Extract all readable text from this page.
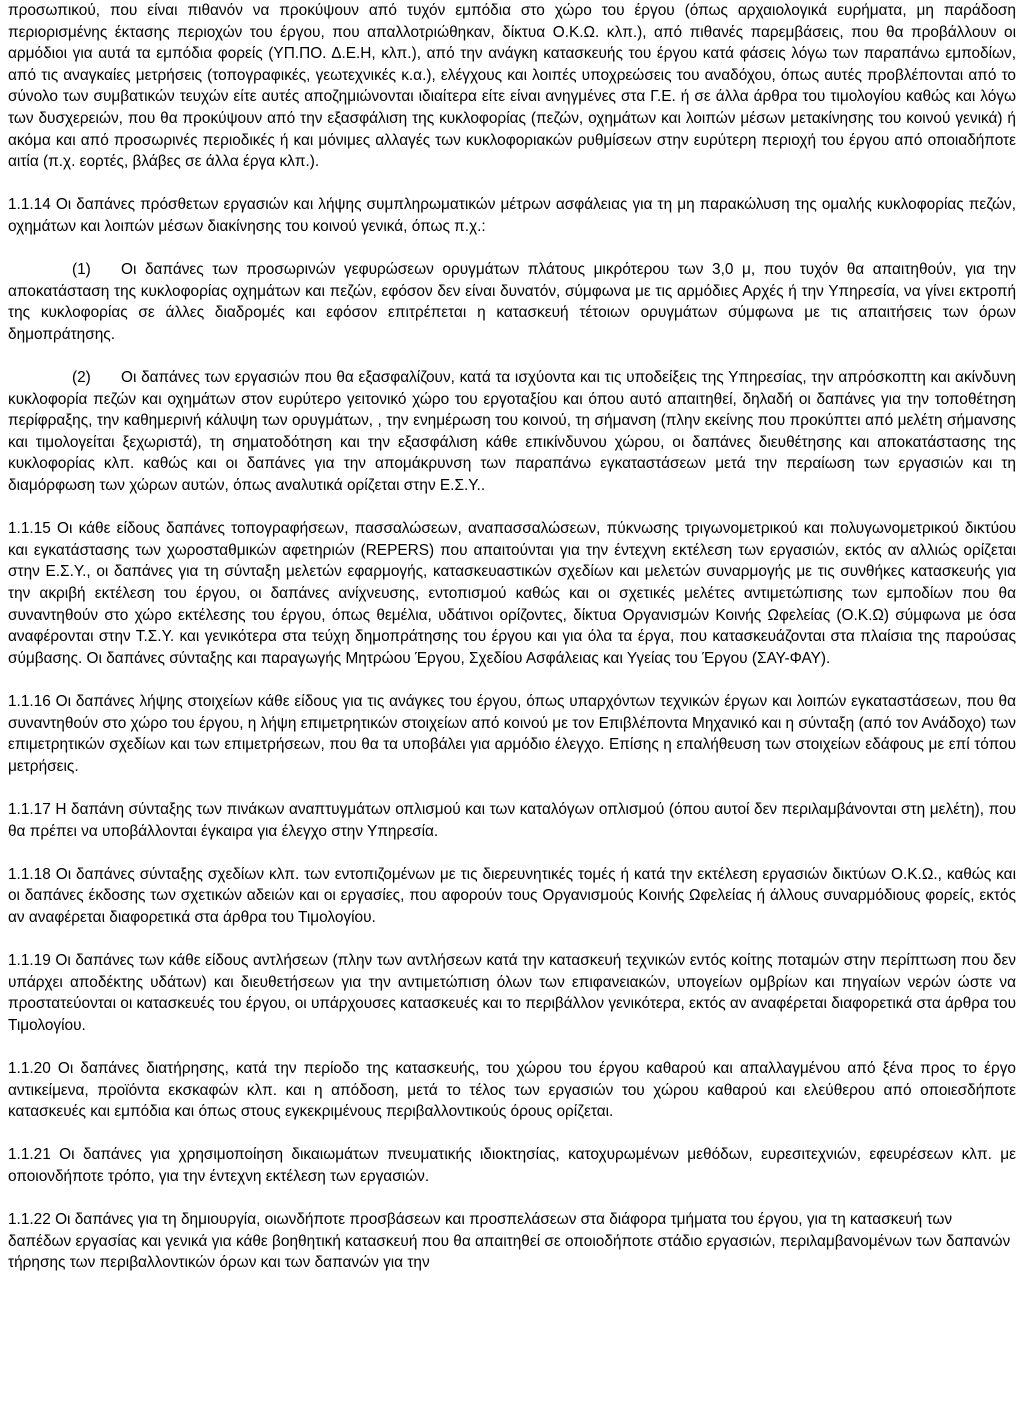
προσωπικού, που είναι πιθανόν να προκύψουν από τυχόν εμπόδια στο χώρο του έργου (όπως αρχαιολογικά ευρήματα, μη παράδοση περιορισμένης έκτασης περιοχών του έργου, που απαλλοτριώθηκαν, δίκτυα Ο.Κ.Ω. κλπ.), από πιθανές παρεμβάσεις, που θα προβάλλουν οι αρμόδιοι για αυτά τα εμπόδια φορείς (ΥΠ.ΠΟ. Δ.Ε.Η, κλπ.), από την ανάγκη κατασκευής του έργου κατά φάσεις λόγω των παραπάνω εμποδίων, από τις αναγκαίες μετρήσεις (τοπογραφικές, γεωτεχνικές κ.α.), ελέγχους και λοιπές υποχρεώσεις του αναδόχου, όπως αυτές προβλέπονται από το σύνολο των συμβατικών τευχών είτε αυτές αποζημιώνονται ιδιαίτερα είτε είναι ανηγμένες στα Γ.Ε. ή σε άλλα άρθρα του τιμολογίου καθώς και λόγω των δυσχερειών, που θα προκύψουν από την εξασφάλιση της κυκλοφορίας (πεζών, οχημάτων και λοιπών μέσων μετακίνησης του κοινού γενικά) ή ακόμα και από προσωρινές περιοδικές ή και μόνιμες αλλαγές των κυκλοφοριακών ρυθμίσεων στην ευρύτερη περιοχή του έργου από οποιαδήποτε αιτία (π.χ. εορτές, βλάβες σε άλλα έργα κλπ.).

1.1.14 Οι δαπάνες πρόσθετων εργασιών και λήψης συμπληρωματικών μέτρων ασφάλειας για τη μη παρακώλυση της ομαλής κυκλοφορίας πεζών, οχημάτων και λοιπών μέσων διακίνησης του κοινού γενικά, όπως π.χ.:

(1) Οι δαπάνες των προσωρινών γεφυρώσεων ορυγμάτων πλάτους μικρότερου των 3,0 μ, που τυχόν θα απαιτηθούν, για την αποκατάσταση της κυκλοφορίας οχημάτων και πεζών, εφόσον δεν είναι δυνατόν, σύμφωνα με τις αρμόδιες Αρχές ή την Υπηρεσία, να γίνει εκτροπή της κυκλοφορίας σε άλλες διαδρομές και εφόσον επιτρέπεται η κατασκευή τέτοιων ορυγμάτων σύμφωνα με τις απαιτήσεις των όρων δημοπράτησης.

(2) Οι δαπάνες των εργασιών που θα εξασφαλίζουν, κατά τα ισχύοντα και τις υποδείξεις της Υπηρεσίας, την απρόσκοπτη και ακίνδυνη κυκλοφορία πεζών και οχημάτων στον ευρύτερο γειτονικό χώρο του εργοταξίου και όπου αυτό απαιτηθεί, δηλαδή οι δαπάνες για την τοποθέτηση περίφραξης, την καθημερινή κάλυψη των ορυγμάτων, , την ενημέρωση του κοινού, τη σήμανση (πλην εκείνης που προκύπτει από μελέτη σήμανσης και τιμολογείται ξεχωριστά), τη σηματοδότηση και την εξασφάλιση κάθε επικίνδυνου χώρου, οι δαπάνες διευθέτησης και αποκατάστασης της κυκλοφορίας κλπ. καθώς και οι δαπάνες για την απομάκρυνση των παραπάνω εγκαταστάσεων μετά την περαίωση των εργασιών και τη διαμόρφωση των χώρων αυτών, όπως αναλυτικά ορίζεται στην Ε.Σ.Υ..

1.1.15 Οι κάθε είδους δαπάνες τοπογραφήσεων, πασσαλώσεων, αναπασσαλώσεων, πύκνωσης τριγωνομετρικού και πολυγωνομετρικού δικτύου και εγκατάστασης των χωροσταθμικών αφετηριών (REPERS) που απαιτούνται για την έντεχνη εκτέλεση των εργασιών, εκτός αν αλλιώς ορίζεται στην Ε.Σ.Υ., οι δαπάνες για τη σύνταξη μελετών εφαρμογής, κατασκευαστικών σχεδίων και μελετών συναρμογής με τις συνθήκες κατασκευής για την ακριβή εκτέλεση του έργου, οι δαπάνες ανίχνευσης, εντοπισμού καθώς και οι σχετικές μελέτες αντιμετώπισης των εμποδίων που θα συναντηθούν στο χώρο εκτέλεσης του έργου, όπως θεμέλια, υδάτινοι ορίζοντες, δίκτυα Οργανισμών Κοινής Ωφελείας (Ο.Κ.Ω) σύμφωνα με όσα αναφέρονται στην Τ.Σ.Υ. και γενικότερα στα τεύχη δημοπράτησης του έργου και για όλα τα έργα, που κατασκευάζονται στα πλαίσια της παρούσας σύμβασης. Οι δαπάνες σύνταξης και παραγωγής Μητρώου Έργου, Σχεδίου Ασφάλειας και Υγείας του Έργου (ΣΑΥ-ΦΑΥ).

1.1.16 Οι δαπάνες λήψης στοιχείων κάθε είδους για τις ανάγκες του έργου, όπως υπαρχόντων τεχνικών έργων και λοιπών εγκαταστάσεων, που θα συναντηθούν στο χώρο του έργου, η λήψη επιμετρητικών στοιχείων από κοινού με τον Επιβλέποντα Μηχανικό και η σύνταξη (από τον Ανάδοχο) των επιμετρητικών σχεδίων και των επιμετρήσεων, που θα τα υποβάλει για αρμόδιο έλεγχο. Επίσης η επαλήθευση των στοιχείων εδάφους με επί τόπου μετρήσεις.

1.1.17 Η δαπάνη σύνταξης των πινάκων αναπτυγμάτων οπλισμού και των καταλόγων οπλισμού (όπου αυτοί δεν περιλαμβάνονται στη μελέτη), που θα πρέπει να υποβάλλονται έγκαιρα για έλεγχο στην Υπηρεσία.

1.1.18 Οι δαπάνες σύνταξης σχεδίων κλπ. των εντοπιζομένων με τις διερευνητικές τομές ή κατά την εκτέλεση εργασιών δικτύων Ο.Κ.Ω., καθώς και οι δαπάνες έκδοσης των σχετικών αδειών και οι εργασίες, που αφορούν τους Οργανισμούς Κοινής Ωφελείας ή άλλους συναρμόδιους φορείς, εκτός αν αναφέρεται διαφορετικά στα άρθρα του Τιμολογίου.

1.1.19 Οι δαπάνες των κάθε είδους αντλήσεων (πλην των αντλήσεων κατά την κατασκευή τεχνικών εντός κοίτης ποταμών στην περίπτωση που δεν υπάρχει αποδέκτης υδάτων) και διευθετήσεων για την αντιμετώπιση όλων των επιφανειακών, υπογείων ομβρίων και πηγαίων νερών ώστε να προστατεύονται οι κατασκευές του έργου, οι υπάρχουσες κατασκευές και το περιβάλλον γενικότερα, εκτός αν αναφέρεται διαφορετικά στα άρθρα του Τιμολογίου.

1.1.20 Οι δαπάνες διατήρησης, κατά την περίοδο της κατασκευής, του χώρου του έργου καθαρού και απαλλαγμένου από ξένα προς το έργο αντικείμενα, προϊόντα εκσκαφών κλπ. και η απόδοση, μετά το τέλος των εργασιών του χώρου καθαρού και ελεύθερου από οποιεσδήποτε κατασκευές και εμπόδια και όπως στους εγκεκριμένους περιβαλλοντικούς όρους ορίζεται.

1.1.21 Οι δαπάνες για χρησιμοποίηση δικαιωμάτων πνευματικής ιδιοκτησίας, κατοχυρωμένων μεθόδων, ευρεσιτεχνιών, εφευρέσεων κλπ. με οποιονδήποτε τρόπο, για την έντεχνη εκτέλεση των εργασιών.

1.1.22 Οι δαπάνες για τη δημιουργία, οιωνδήποτε προσβάσεων και προσπελάσεων στα διάφορα τμήματα του έργου, για τη κατασκευή των δαπέδων εργασίας και γενικά για κάθε βοηθητική κατασκευή που θα απαιτηθεί σε οποιοδήποτε στάδιο εργασιών, περιλαμβανομένων των δαπανών τήρησης των περιβαλλοντικών όρων και των δαπανών για την
